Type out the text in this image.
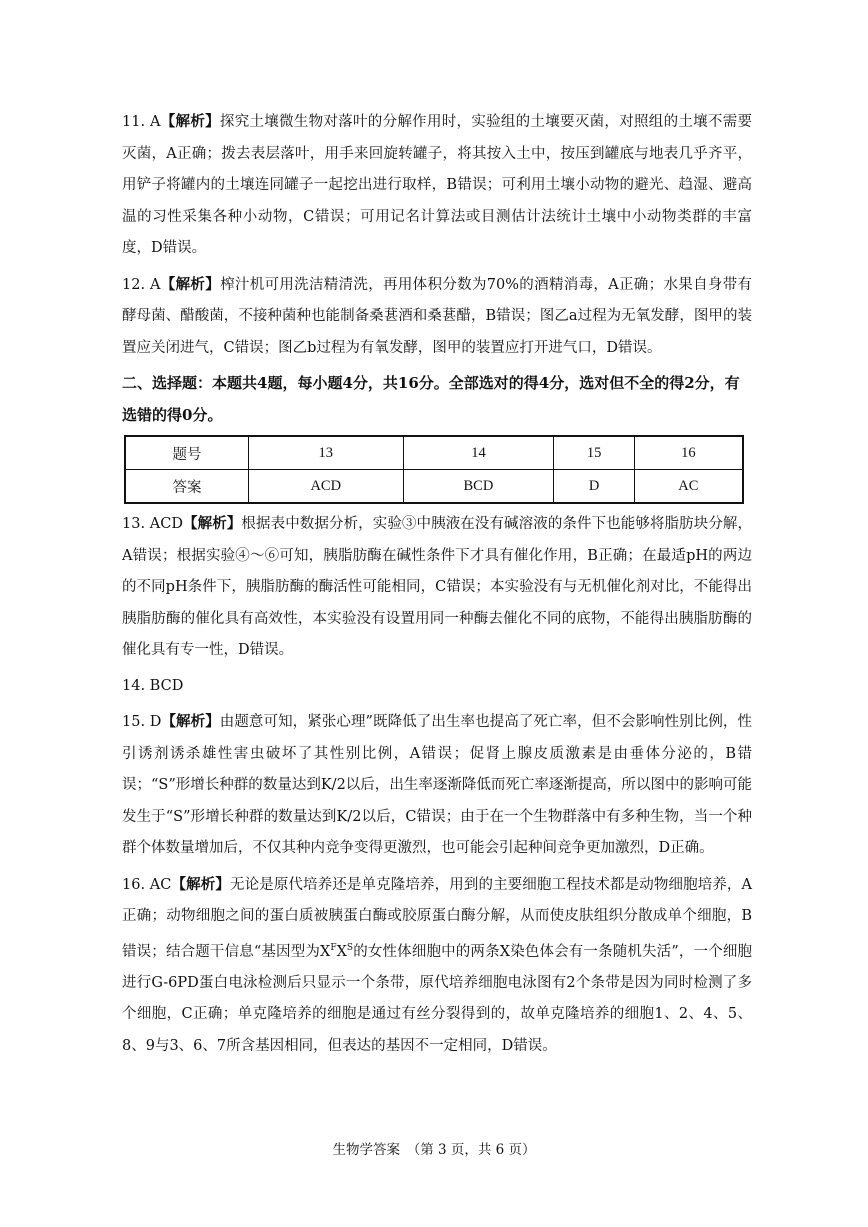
11. A【解析】探究土壤微生物对落叶的分解作用时，实验组的土壤要灭菌，对照组的土壤不需要灭菌，A正确；拨去表层落叶，用手来回旋转罐子，将其按入土中，按压到罐底与地表几乎齐平，用铲子将罐内的土壤连同罐子一起挖出进行取样，B错误；可利用土壤小动物的避光、趋湿、避高温的习性采集各种小动物，C错误；可用记名计算法或目测估计法统计土壤中小动物类群的丰富度，D错误。

12. A【解析】榨汁机可用洗洁精清洗，再用体积分数为70%的酒精消毒，A正确；水果自身带有酵母菌、醋酸菌，不接种菌种也能制备桑葚酒和桑葚醋，B错误；图乙a过程为无氧发酵，图甲的装置应关闭进气，C错误；图乙b过程为有氧发酵，图甲的装置应打开进气口，D错误。

二、选择题：本题共4题，每小题4分，共16分。全部选对的得4分，选对但不全的得2分，有选错的得0分。

题号	13	14	15	16
答案	ACD	BCD	D	AC

13. ACD【解析】根据表中数据分析，实验③中胰液在没有碱溶液的条件下也能够将脂肪块分解，A错误；根据实验④～⑥可知，胰脂肪酶在碱性条件下才具有催化作用，B正确；在最适pH的两边的不同pH条件下，胰脂肪酶的酶活性可能相同，C错误；本实验没有与无机催化剂对比，不能得出胰脂肪酶的催化具有高效性，本实验没有设置用同一种酶去催化不同的底物，不能得出胰脂肪酶的催化具有专一性，D错误。

14. BCD

15. D【解析】由题意可知，紧张心理”既降低了出生率也提高了死亡率，但不会影响性别比例，性引诱剂诱杀雄性害虫破坏了其性别比例，A错误；促肾上腺皮质激素是由垂体分泌的，B错误；“S”形增长种群的数量达到K/2以后，出生率逐渐降低而死亡率逐渐提高，所以图中的影响可能发生于“S”形增长种群的数量达到K/2以后，C错误；由于在一个生物群落中有多种生物，当一个种群个体数量增加后，不仅其种内竞争变得更激烈，也可能会引起种间竞争更加激烈，D正确。

16. AC【解析】无论是原代培养还是单克隆培养，用到的主要细胞工程技术都是动物细胞培养，A正确；动物细胞之间的蛋白质被胰蛋白酶或胶原蛋白酶分解，从而使皮肤组织分散成单个细胞，B错误；结合题干信息“基因型为$X^FX^S$的女性体细胞中的两条X染色体会有一条随机失活”，一个细胞进行G-6PD蛋白电泳检测后只显示一个条带，原代培养细胞电泳图有2个条带是因为同时检测了多个细胞，C正确；单克隆培养的细胞是通过有丝分裂得到的，故单克隆培养的细胞1、2、4、5、8、9与3、6、7所含基因相同，但表达的基因不一定相同，D错误。

生物学答案　（第 3 页，共 6 页）
